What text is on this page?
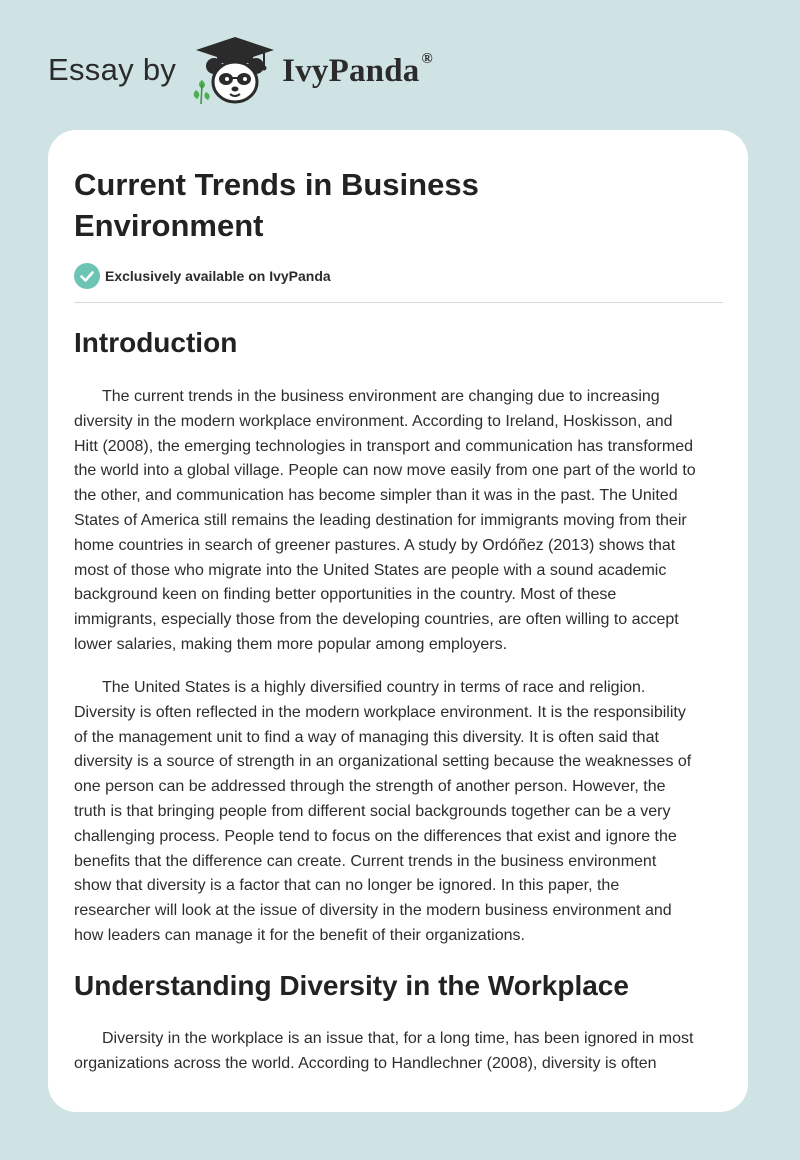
Essay by	IvyPanda ®
Current Trends in Business
Environment
Exclusively available on IvyPanda
Introduction

The current trends in the business environment are changing due to increasing
diversity in the modern workplace environment. According to Ireland, Hoskisson, and
Hitt (2008), the emerging technologies in transport and communication has transformed
the world into a global village. People can now move easily from one part of the world to
the other, and communication has become simpler than it was in the past. The United
States of America still remains the leading destination for immigrants moving from their
home countries in search of greener pastures. A study by Ordóñez (2013) shows that
most of those who migrate into the United States are people with a sound academic
background keen on finding better opportunities in the country. Most of these
immigrants, especially those from the developing countries, are often willing to accept
lower salaries, making them more popular among employers.

The United States is a highly diversified country in terms of race and religion.
Diversity is often reflected in the modern workplace environment. It is the responsibility
of the management unit to find a way of managing this diversity. It is often said that
diversity is a source of strength in an organizational setting because the weaknesses of
one person can be addressed through the strength of another person. However, the
truth is that bringing people from different social backgrounds together can be a very
challenging process. People tend to focus on the differences that exist and ignore the
benefits that the difference can create. Current trends in the business environment
show that diversity is a factor that can no longer be ignored. In this paper, the
researcher will look at the issue of diversity in the modern business environment and
how leaders can manage it for the benefit of their organizations.

Understanding Diversity in the Workplace

Diversity in the workplace is an issue that, for a long time, has been ignored in most
organizations across the world. According to Handlechner (2008), diversity is often
